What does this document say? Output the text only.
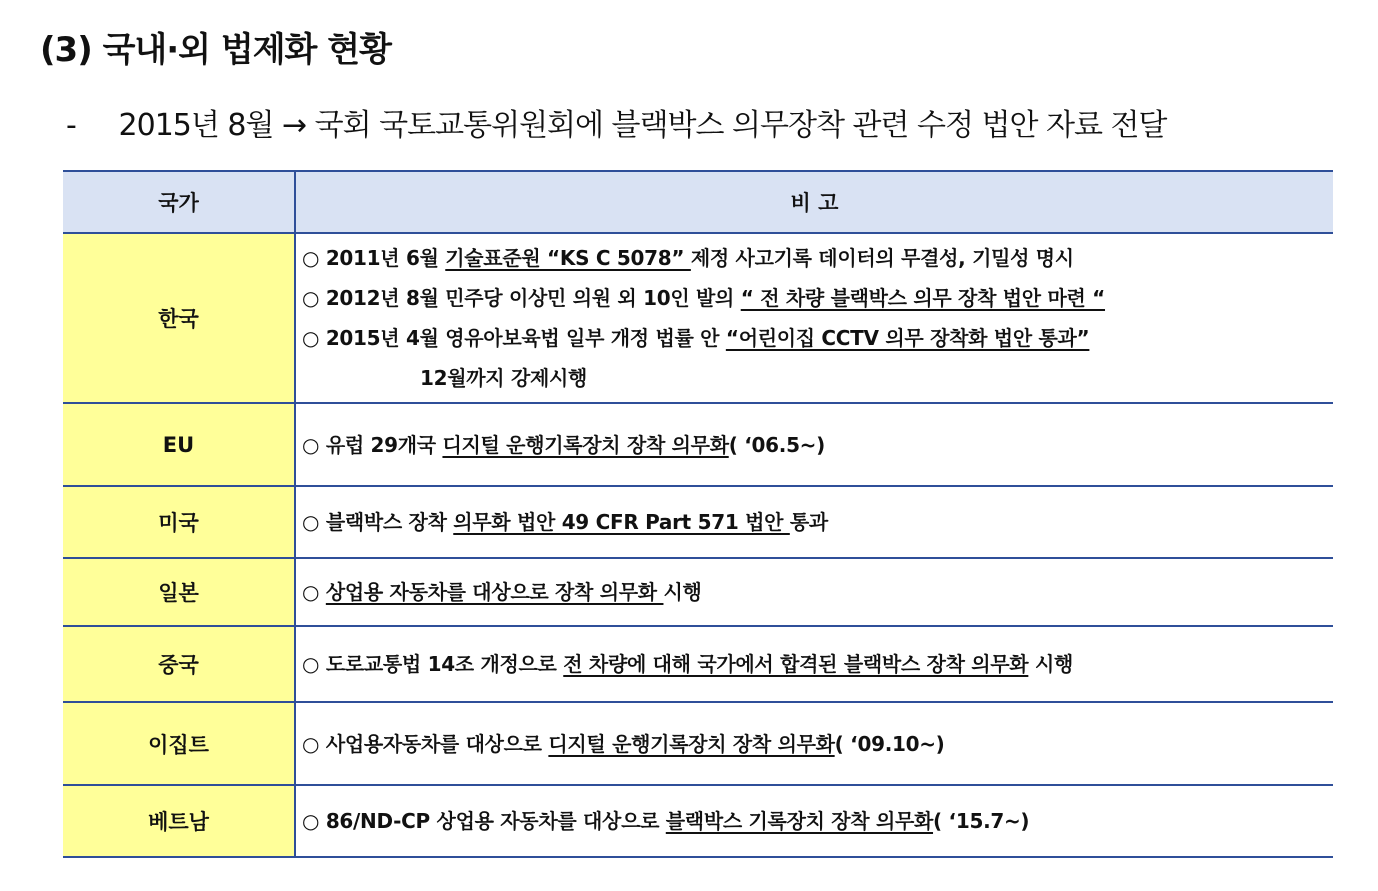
(3) 국내·외 법제화 현황
- 2015년 8월 → 국회 국토교통위원회에 블랙박스 의무장착 관련 수정 법안 자료 전달
국가	비 고
한국	○ 2011년 6월 기술표준원 “KS C 5078” 제정 사고기록 데이터의 무결성, 기밀성 명시
○ 2012년 8월 민주당 이상민 의원 외 10인 발의 “ 전 차량 블랙박스 의무 장착 법안 마련 “
○ 2015년 4월 영유아보육법 일부 개정 법률 안 “어린이집 CCTV 의무 장착화 법안 통과”
12월까지 강제시행

EU	○ 유럽 29개국 디지털 운행기록장치 장착 의무화( ‘06.5~)

미국	○ 블랙박스 장착 의무화 법안 49 CFR Part 571 법안 통과

일본	○ 상업용 자동차를 대상으로 장착 의무화 시행

중국	○ 도로교통법 14조 개정으로 전 차량에 대해 국가에서 합격된 블랙박스 장착 의무화 시행

이집트	○ 사업용자동차를 대상으로 디지털 운행기록장치 장착 의무화( ‘09.10~)

베트남	○ 86/ND-CP 상업용 자동차를 대상으로 블랙박스 기록장치 장착 의무화( ‘15.7~)
